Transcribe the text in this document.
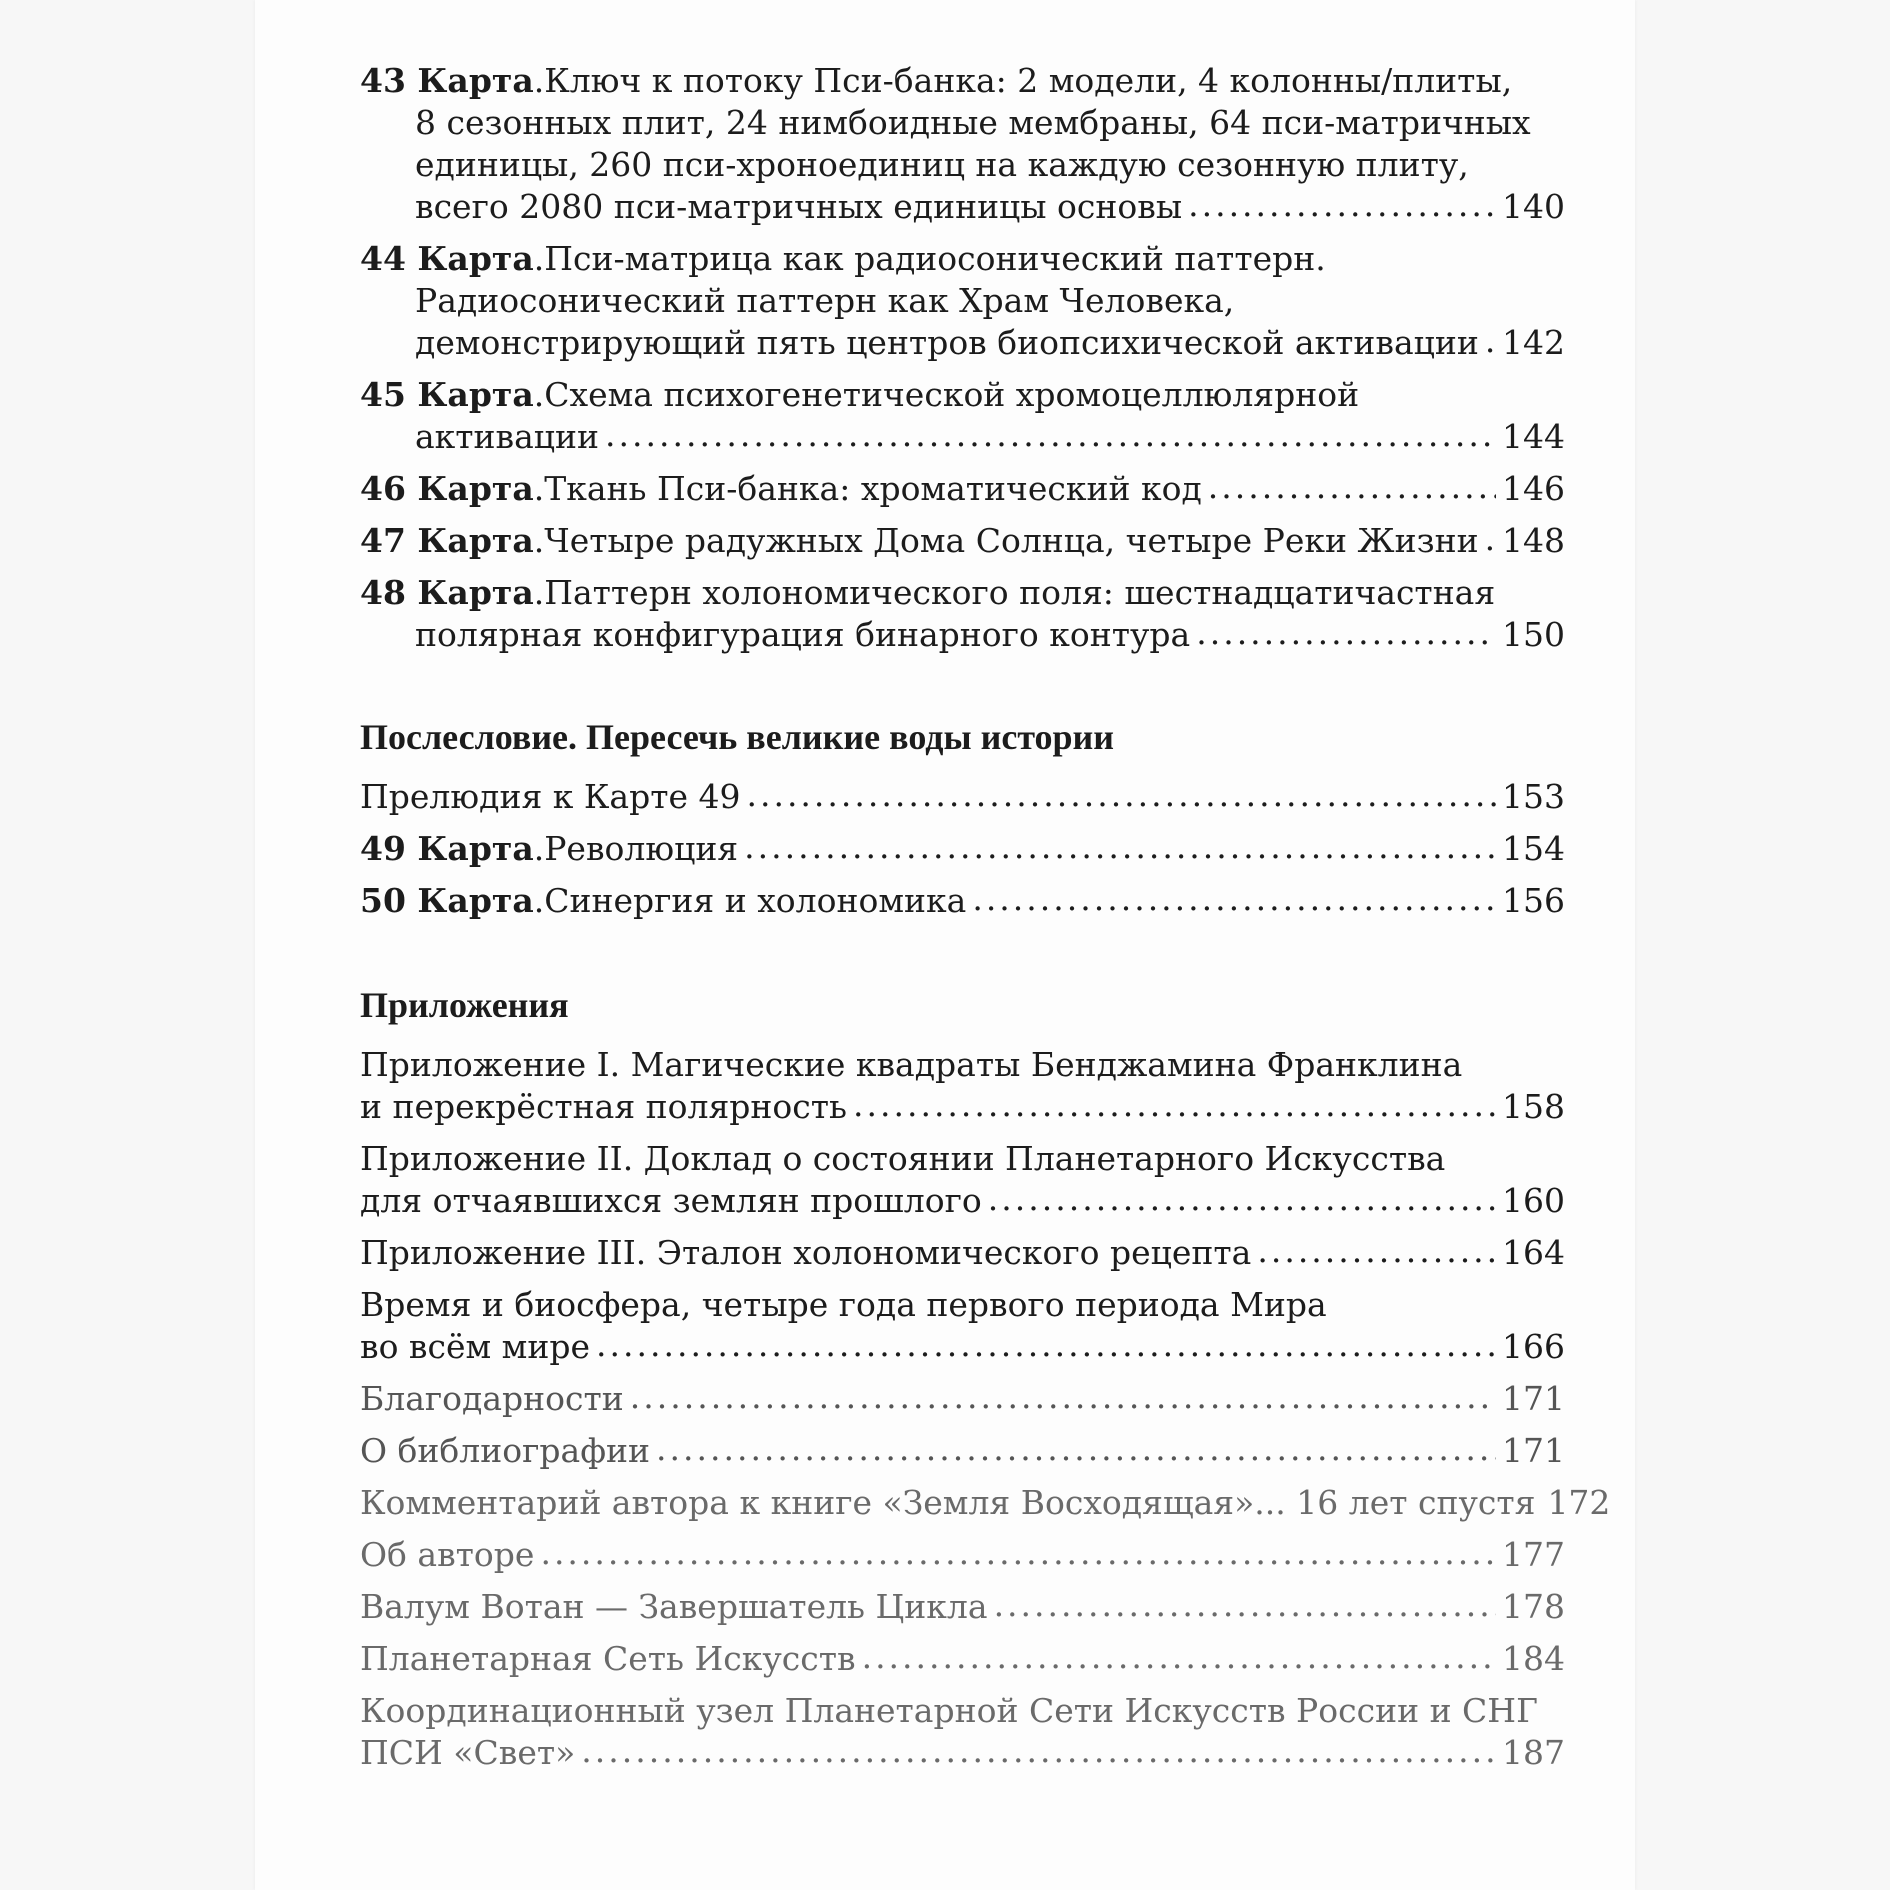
43 Карта . Ключ к потоку Пси-банка: 2 модели, 4 колонны/плиты,
8 сезонных плит, 24 нимбоидные мембраны, 64 пси-матричных
единицы, 260 пси-хроноединиц на каждую сезонную плиту,
всего 2080 пси-матричных единицы основы .....	140
44 Карта . Пси-матрица как радиосонический паттерн.
Радиосонический паттерн как Храм Человека,
демонстрирующий пять центров биопсихической активации ..... 142
45 Карта . Схема психогенетической хромоцеллюлярной
активации .....	144
46 Карта . Ткань Пси-банка: хроматический код .....	146
47 Карта . Четыре радужных Дома Солнца, четыре Реки Жизни ..... 148
48 Карта . Паттерн холономического поля: шестнадцатичастная
полярная конфигурация бинарного контура .....	150
Послесловие. Пересечь великие воды истории
Прелюдия к Карте 49 .....	153
49 Карта . Революция .....	154
50 Карта . Синергия и холономика .....	156
Приложения
Приложение I. Магические квадраты Бенджамина Франклина
и перекрёстная полярность .....	158
Приложение II. Доклад о состоянии Планетарного Искусства
для отчаявшихся землян прошлого .....	160
Приложение III. Эталон холономического рецепта .....	164
Время и биосфера, четыре года первого периода Мира
во всём мире .....	166
Благодарности .....	171
О библиографии .....	171
Комментарий автора к книге «Земля Восходящая»... 16 лет спустя 172
Об авторе .....	177
Валум Вотан — Завершатель Цикла .....	178
Планетарная Сеть Искусств .....	184
Координационный узел Планетарной Сети Искусств России и СНГ
ПСИ «Свет» .....	187
